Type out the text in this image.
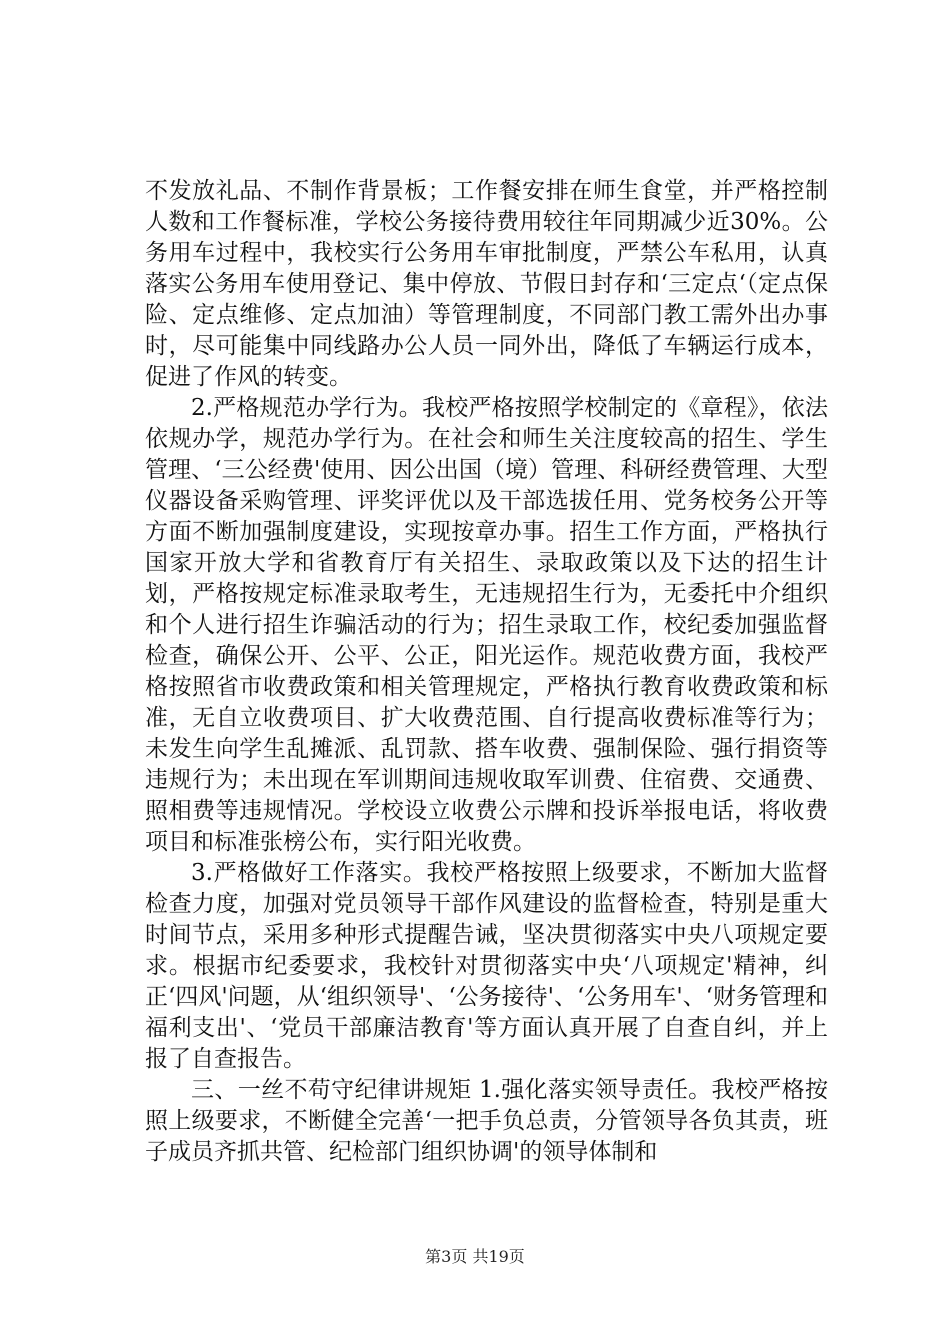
不发放礼品、不制作背景板；工作餐安排在师生食堂，并严格控制人数和工作餐标准，学校公务接待费用较往年同期减少近30%。公务用车过程中，我校实行公务用车审批制度，严禁公车私用，认真落实公务用车使用登记、集中停放、节假日封存和‘三定点‘（定点保险、定点维修、定点加油）等管理制度，不同部门教工需外出办事时，尽可能集中同线路办公人员一同外出，降低了车辆运行成本，促进了作风的转变。

2.严格规范办学行为。我校严格按照学校制定的《章程》，依法依规办学，规范办学行为。在社会和师生关注度较高的招生、学生管理、‘三公经费'使用、因公出国（境）管理、科研经费管理、大型仪器设备采购管理、评奖评优以及干部选拔任用、党务校务公开等方面不断加强制度建设，实现按章办事。招生工作方面，严格执行国家开放大学和省教育厅有关招生、录取政策以及下达的招生计划，严格按规定标准录取考生，无违规招生行为，无委托中介组织和个人进行招生诈骗活动的行为；招生录取工作，校纪委加强监督检查，确保公开、公平、公正，阳光运作。规范收费方面，我校严格按照省市收费政策和相关管理规定，严格执行教育收费政策和标准，无自立收费项目、扩大收费范围、自行提高收费标准等行为；未发生向学生乱摊派、乱罚款、搭车收费、强制保险、强行捐资等违规行为；未出现在军训期间违规收取军训费、住宿费、交通费、照相费等违规情况。学校设立收费公示牌和投诉举报电话，将收费项目和标准张榜公布，实行阳光收费。

3.严格做好工作落实。我校严格按照上级要求，不断加大监督检查力度，加强对党员领导干部作风建设的监督检查，特别是重大时间节点，采用多种形式提醒告诫，坚决贯彻落实中央八项规定要求。根据市纪委要求，我校针对贯彻落实中央‘八项规定'精神，纠正‘四风'问题，从‘组织领导'、‘公务接待'、‘公务用车'、‘财务管理和福利支出'、‘党员干部廉洁教育'等方面认真开展了自查自纠，并上报了自查报告。

三、一丝不苟守纪律讲规矩 1.强化落实领导责任。我校严格按照上级要求，不断健全完善‘一把手负总责，分管领导各负其责，班子成员齐抓共管、纪检部门组织协调'的领导体制和

第3页 共19页
